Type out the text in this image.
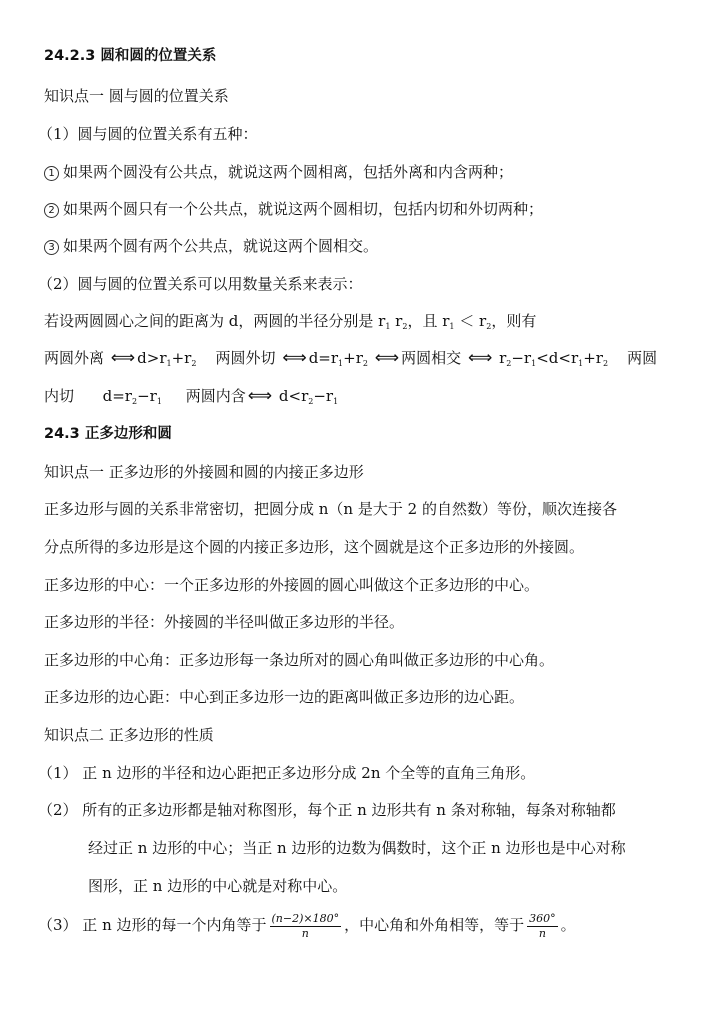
24.2.3 圆和圆的位置关系
知识点一 圆与圆的位置关系
（1）圆与圆的位置关系有五种：
1 如果两个圆没有公共点，就说这两个圆相离，包括外离和内含两种；
2 如果两个圆只有一个公共点，就说这两个圆相切，包括内切和外切两种；
3 如果两个圆有两个公共点，就说这两个圆相交。
（2）圆与圆的位置关系可以用数量关系来表示：
若设两圆圆心之间的距离为 d，两圆的半径分别是 $r_1$ $r_2$，且 $r_1 < r_2$，则有
两圆外离 ⟺ $d>r_1+r_2$ 两圆外切 ⟺ $d=r_1+r_2$ ⟺ 两圆相交 ⟺ $r_2-r_1<d<r_1+r_2$ 两圆
内切 $d=r_2-r_1$ 两圆内含 ⟺ $d<r_2-r_1$
24.3 正多边形和圆
知识点一 正多边形的外接圆和圆的内接正多边形
正多边形与圆的关系非常密切，把圆分成 n（n 是大于 2 的自然数）等份，顺次连接各
分点所得的多边形是这个圆的内接正多边形，这个圆就是这个正多边形的外接圆。
正多边形的中心：一个正多边形的外接圆的圆心叫做这个正多边形的中心。
正多边形的半径：外接圆的半径叫做正多边形的半径。
正多边形的中心角：正多边形每一条边所对的圆心角叫做正多边形的中心角。
正多边形的边心距：中心到正多边形一边的距离叫做正多边形的边心距。
知识点二 正多边形的性质
（1） 正 n 边形的半径和边心距把正多边形分成 2n 个全等的直角三角形。
（2） 所有的正多边形都是轴对称图形，每个正 n 边形共有 n 条对称轴，每条对称轴都
经过正 n 边形的中心；当正 n 边形的边数为偶数时，这个正 n 边形也是中心对称
图形，正 n 边形的中心就是对称中心。
（3） 正 n 边形的每一个内角等于 $\frac{(n-2)\times 180^\circ}{n}$ ，中心角和外角相等，等于 $\frac{360^\circ}{n}$ 。
